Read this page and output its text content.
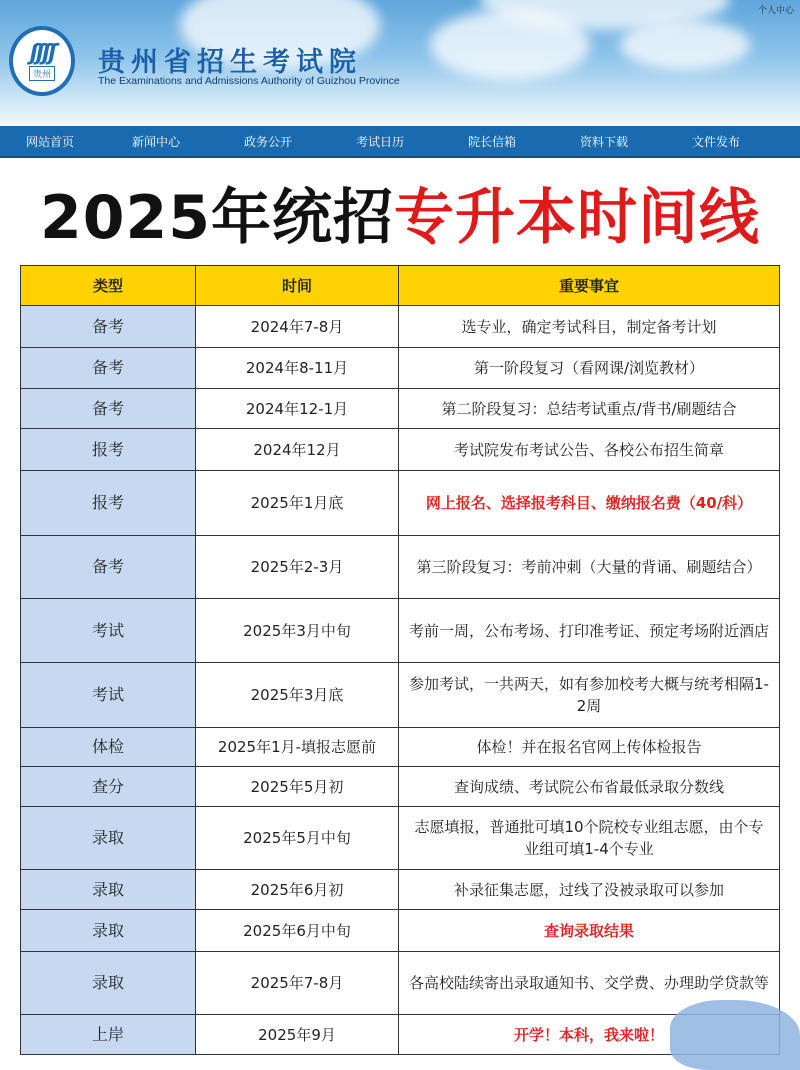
ʃʃʃʃ
贵州 贵州省招生考试院
The Examinations and Admissions Authority of Guizhou Province
个人中心
网站首页	新闻中心	政务公开	考试日历	院长信箱	资料下载	文件发布
2025年统招专升本时间线
类型	时间	重要事宜
备考	2024年7-8月	选专业，确定考试科目，制定备考计划
备考	2024年8-11月	第一阶段复习（看网课/浏览教材）
备考	2024年12-1月	第二阶段复习：总结考试重点/背书/刷题结合
报考	2024年12月	考试院发布考试公告、各校公布招生简章
报考	2025年1月底	网上报名、选择报考科目、缴纳报名费（40/科）
备考	2025年2-3月	第三阶段复习：考前冲刺（大量的背诵、刷题结合）
考试	2025年3月中旬	考前一周，公布考场、打印准考证、预定考场附近酒店
考试	2025年3月底	参加考试，一共两天，如有参加校考大概与统考相隔1-2周
体检	2025年1月-填报志愿前	体检！并在报名官网上传体检报告
查分	2025年5月初	查询成绩、考试院公布省最低录取分数线
录取	2025年5月中旬	志愿填报，普通批可填10个院校专业组志愿，由个专业组可填1-4个专业
录取	2025年6月初	补录征集志愿，过线了没被录取可以参加
录取	2025年6月中旬	查询录取结果
录取	2025年7-8月	各高校陆续寄出录取通知书、交学费、办理助学贷款等
上岸	2025年9月	开学！本科，我来啦！
